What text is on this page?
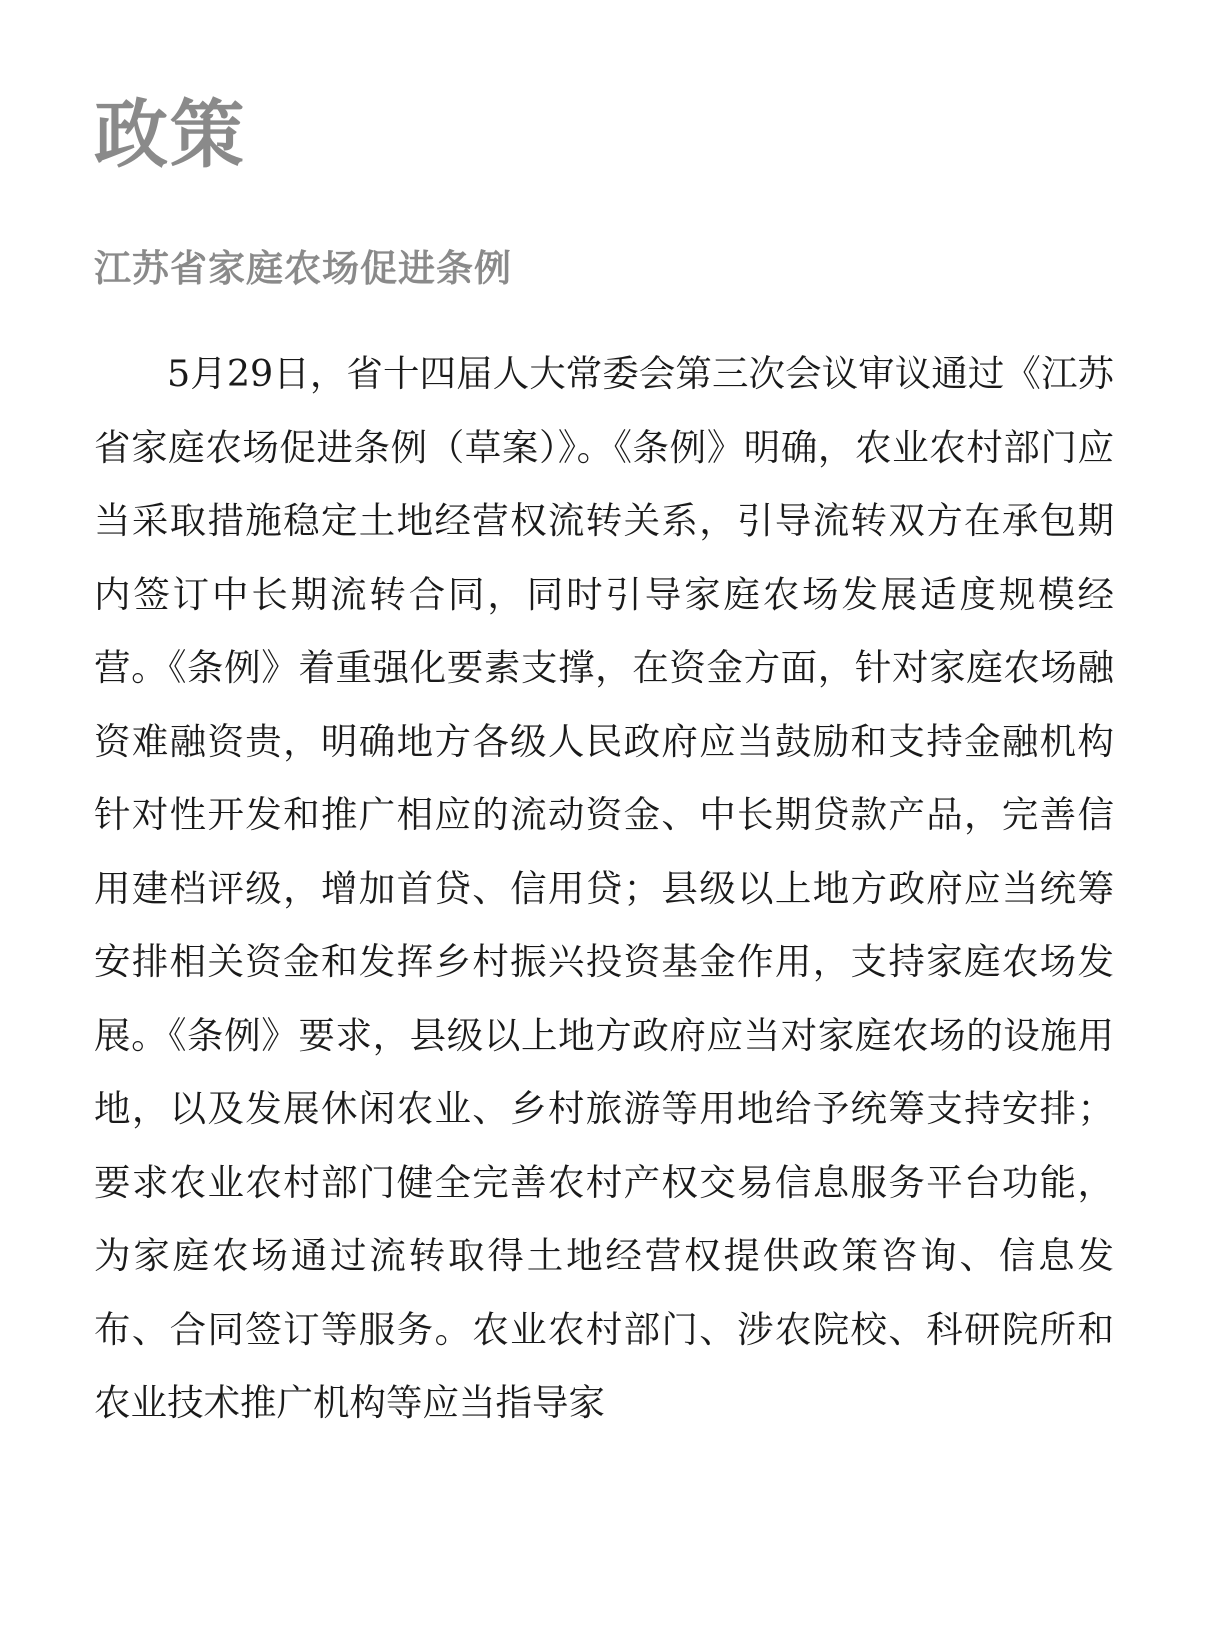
政策
江苏省家庭农场促进条例

5月29日，省十四届人大常委会第三次会议审议通过《江苏省家庭农场促进条例（草案）》。《条例》明确，农业农村部门应当采取措施稳定土地经营权流转关系，引导流转双方在承包期内签订中长期流转合同，同时引导家庭农场发展适度规模经营。《条例》着重强化要素支撑，在资金方面，针对家庭农场融资难融资贵，明确地方各级人民政府应当鼓励和支持金融机构针对性开发和推广相应的流动资金、中长期贷款产品，完善信用建档评级，增加首贷、信用贷；县级以上地方政府应当统筹安排相关资金和发挥乡村振兴投资基金作用，支持家庭农场发展。《条例》要求，县级以上地方政府应当对家庭农场的设施用地，以及发展休闲农业、乡村旅游等用地给予统筹支持安排；要求农业农村部门健全完善农村产权交易信息服务平台功能，为家庭农场通过流转取得土地经营权提供政策咨询、信息发布、合同签订等服务。农业农村部门、涉农院校、科研院所和农业技术推广机构等应当指导家
